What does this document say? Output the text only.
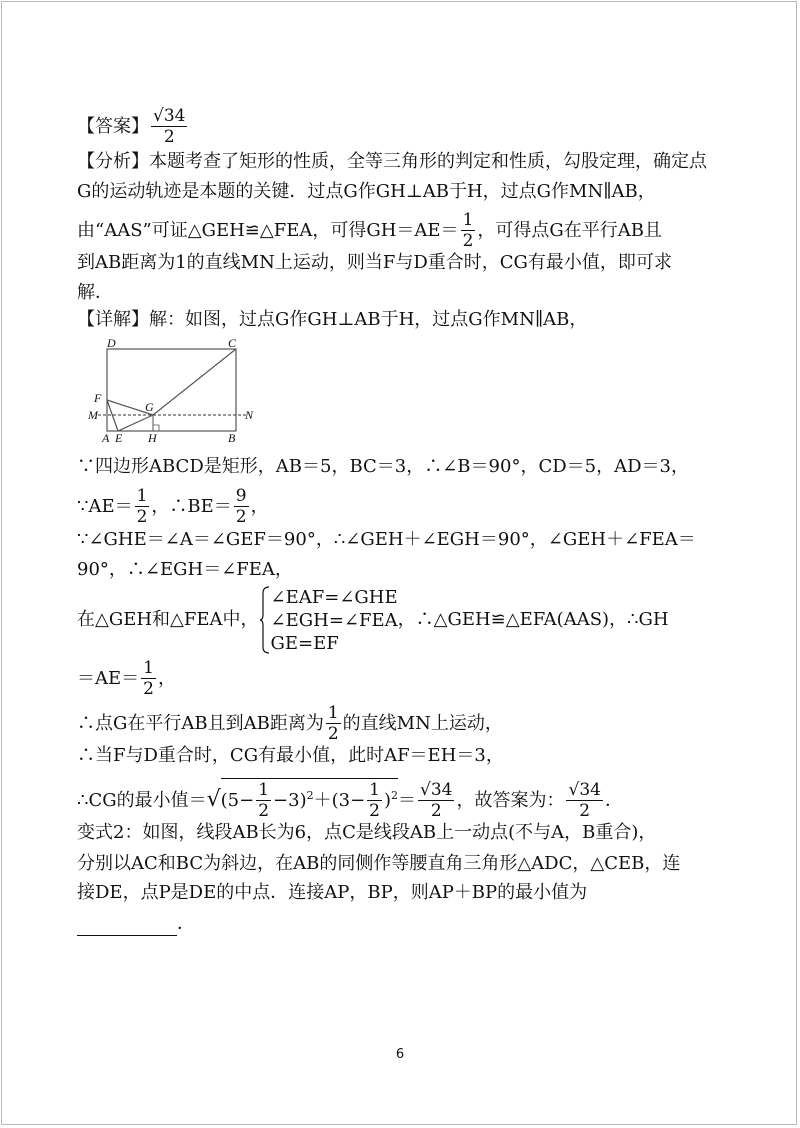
【答案】 $\frac{√34}{2}$
【分析】本题考查了矩形的性质，全等三角形的判定和性质，勾股定理，确定点
G的运动轨迹是本题的关键．过点G作GH⊥AB于H，过点G作MN∥AB，
由“AAS”可证△GEH≌△FEA，可得$GH=AE= \frac{1}{2}$ ，可得点G在平行AB且
到AB距离为1的直线MN上运动，则当F与D重合时，CG有最小值，即可求
解．
【详解】解：如图，过点G作GH⊥AB于H，过点G作MN∥AB，
D	C
F
M
G
N
A E H	B
∵四边形ABCD是矩形，AB＝5，BC＝3，∴∠B＝90°，CD＝5，AD＝3，
∵AE＝ $\frac{1}{2}$ ，∴BE＝ $\frac{9}{2}$ ，
∵∠GHE＝∠A＝∠GEF＝90°，∴∠GEH＋∠EGH＝90°，∠GEH＋∠FEA＝
90°，∴∠EGH＝∠FEA，
在△GEH和△FEA中，
∠EAF=∠GHE
∠EGH=∠FEA
GE=EF
，∴△GEH≌△EFA(AAS)，∴GH
$=AE= \frac{1}{2}$ ，
∴点G在平行AB且到AB距离为 $\frac{1}{2}$ 的直线MN上运动，
∴当F与D重合时，CG有最小值，此时AF＝EH＝3，
∴CG的最小值$=√(5- \frac{1}{2} -3)^2+(3- \frac{1}{2} )^2= \frac{√34}{2}$ ，故答案为： $\frac{√34}{2}$ ．
变式2：如图，线段AB长为6，点C是线段AB上一动点(不与A，B重合)，
分别以AC和BC为斜边，在AB的同侧作等腰直角三角形△ADC，△CEB，连
接DE，点P是DE的中点．连接AP，BP，则AP＋BP的最小值为
．
6
